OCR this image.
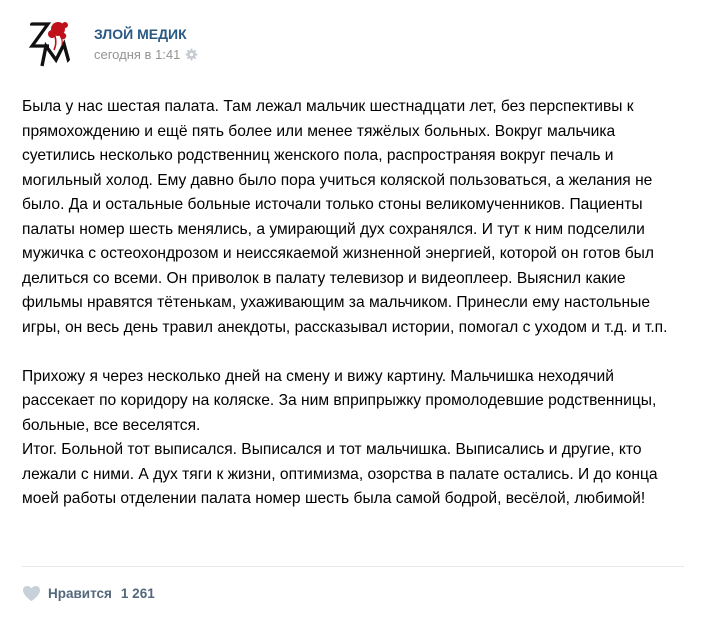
ЗЛОЙ МЕДИК
сегодня в 1:41

Была у нас шестая палата. Там лежал мальчик шестнадцати лет, без перспективы к прямохождению и ещё пять более или менее тяжёлых больных. Вокруг мальчика суетились несколько родственниц женского пола, распространяя вокруг печаль и могильный холод. Ему давно было пора учиться коляской пользоваться, а желания не было. Да и остальные больные источали только стоны великомученников. Пациенты палаты номер шесть менялись, а умирающий дух сохранялся. И тут к ним подселили мужичка с остеохондрозом и неиссякаемой жизненной энергией, которой он готов был делиться со всеми. Он приволок в палату телевизор и видеоплеер. Выяснил какие фильмы нравятся тётенькам, ухаживающим за мальчиком. Принесли ему настольные игры, он весь день травил анекдоты, рассказывал истории, помогал с уходом и т.д. и т.п.

Прихожу я через несколько дней на смену и вижу картину. Мальчишка неходячий рассекает по коридору на коляске. За ним вприпрыжку промолодевшие родственницы, больные, все веселятся.
Итог. Больной тот выписался. Выписался и тот мальчишка. Выписались и другие, кто лежали с ними. А дух тяги к жизни, оптимизма, озорства в палате остались. И до конца моей работы отделении палата номер шесть была самой бодрой, весёлой, любимой!

Нравится 1 261
